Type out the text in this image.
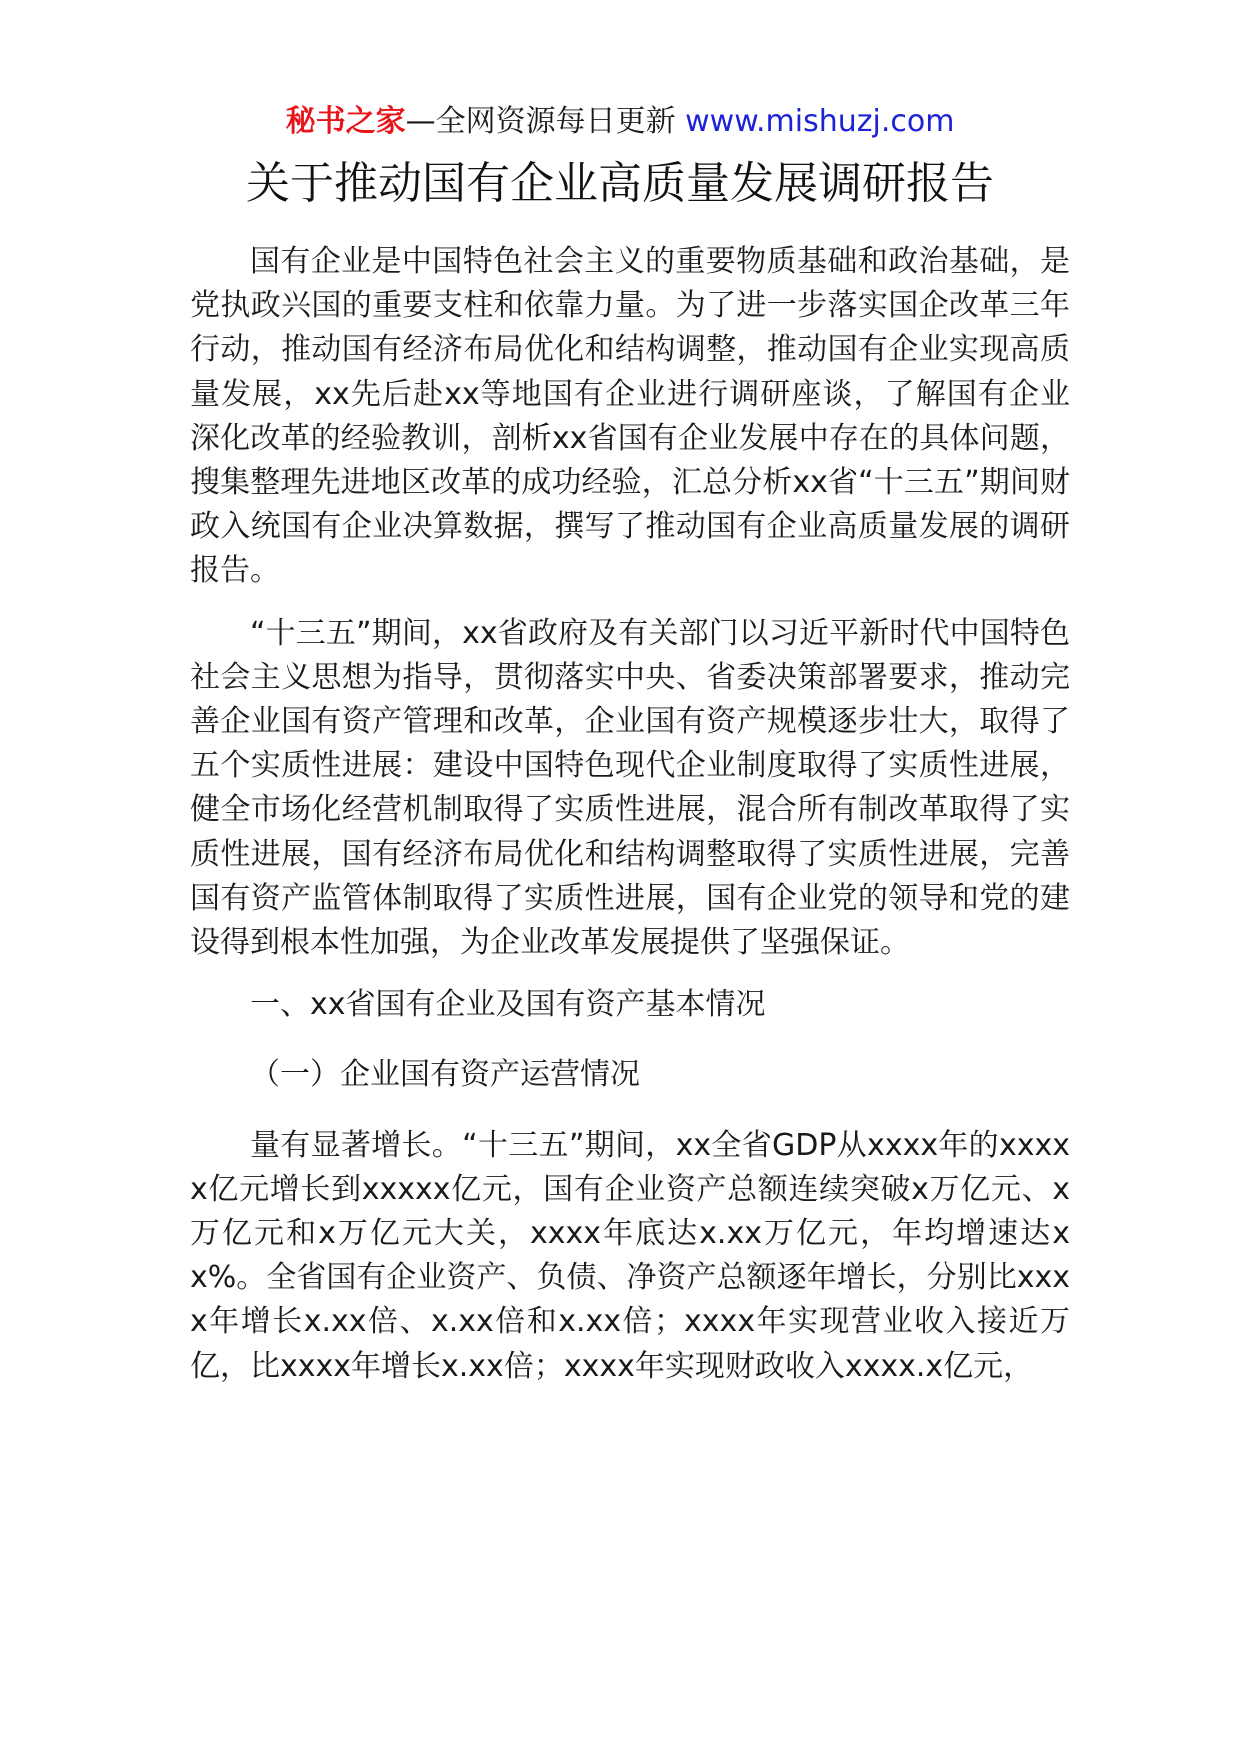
秘书之家—全网资源每日更新 www.mishuzj.com
关于推动国有企业高质量发展调研报告

国有企业是中国特色社会主义的重要物质基础和政治基础，是党执政兴国的重要支柱和依靠力量。为了进一步落实国企改革三年行动，推动国有经济布局优化和结构调整，推动国有企业实现高质量发展，xx先后赴xx等地国有企业进行调研座谈，了解国有企业深化改革的经验教训，剖析xx省国有企业发展中存在的具体问题，搜集整理先进地区改革的成功经验，汇总分析xx省“十三五”期间财政入统国有企业决算数据，撰写了推动国有企业高质量发展的调研报告。

“十三五”期间，xx省政府及有关部门以习近平新时代中国特色社会主义思想为指导，贯彻落实中央、省委决策部署要求，推动完善企业国有资产管理和改革，企业国有资产规模逐步壮大，取得了五个实质性进展：建设中国特色现代企业制度取得了实质性进展，健全市场化经营机制取得了实质性进展，混合所有制改革取得了实质性进展，国有经济布局优化和结构调整取得了实质性进展，完善国有资产监管体制取得了实质性进展，国有企业党的领导和党的建设得到根本性加强，为企业改革发展提供了坚强保证。

一、xx省国有企业及国有资产基本情况

（一）企业国有资产运营情况

量有显著增长。“十三五”期间，xx全省GDP从xxxx年的xxxxx亿元增长到xxxxx亿元，国有企业资产总额连续突破x万亿元、x万亿元和x万亿元大关，xxxx年底达x.xx万亿元，年均增速达xx%。全省国有企业资产、负债、净资产总额逐年增长，分别比xxxx年增长x.xx倍、x.xx倍和x.xx倍；xxxx年实现营业收入接近万亿，比xxxx年增长x.xx倍；xxxx年实现财政收入xxxx.x亿元，
